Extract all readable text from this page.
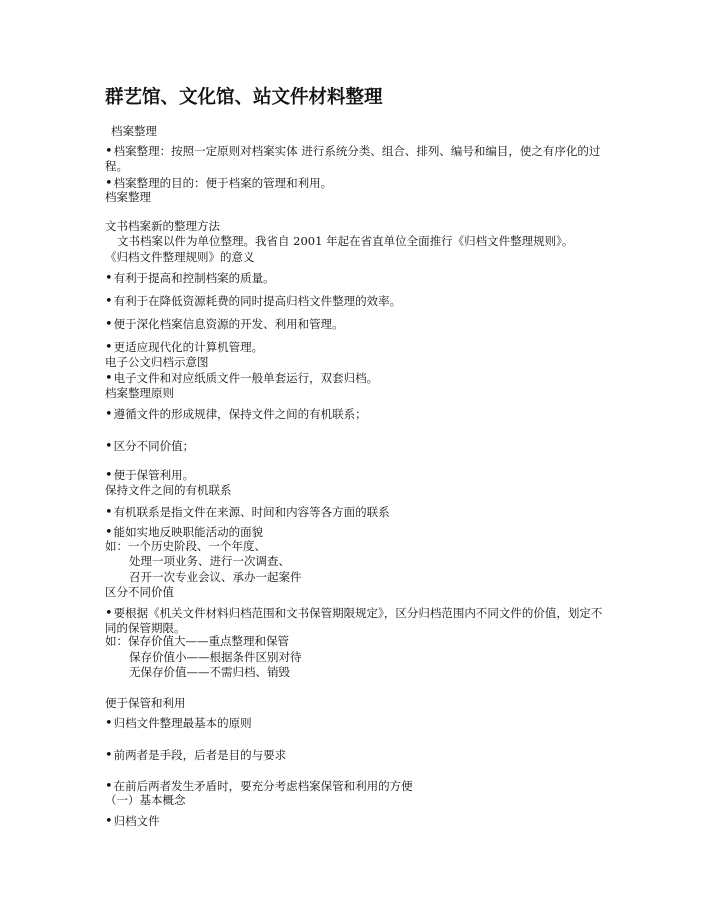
群艺馆、文化馆、站文件材料整理
档案整理
• 档案整理：按照一定原则对档案实体 进行系统分类、组合、排列、编号和编目，使之有序化的过程。
• 档案整理的目的：便于档案的管理和利用。
档案整理
文书档案新的整理方法
文书档案以件为单位整理。我省自 2001 年起在省直单位全面推行《归档文件整理规则》。
《归档文件整理规则》的意义
• 有利于提高和控制档案的质量。
• 有利于在降低资源耗费的同时提高归档文件整理的效率。
• 便于深化档案信息资源的开发、利用和管理。
• 更适应现代化的计算机管理。
电子公文归档示意图
• 电子文件和对应纸质文件一般单套运行，双套归档。
档案整理原则
• 遵循文件的形成规律，保持文件之间的有机联系；
• 区分不同价值；
• 便于保管利用。
保持文件之间的有机联系
• 有机联系是指文件在来源、时间和内容等各方面的联系
• 能如实地反映职能活动的面貌
如：一个历史阶段、一个年度、
处理一项业务、进行一次调查、
召开一次专业会议、承办一起案件
区分不同价值
• 要根据《机关文件材料归档范围和文书保管期限规定》，区分归档范围内不同文件的价值，划定不同的保管期限。
如：保存价值大——重点整理和保管
保存价值小——根据条件区别对待
无保存价值——不需归档、销毁
便于保管和利用
• 归档文件整理最基本的原则
• 前两者是手段，后者是目的与要求
• 在前后两者发生矛盾时，要充分考虑档案保管和利用的方便
（一）基本概念
• 归档文件
